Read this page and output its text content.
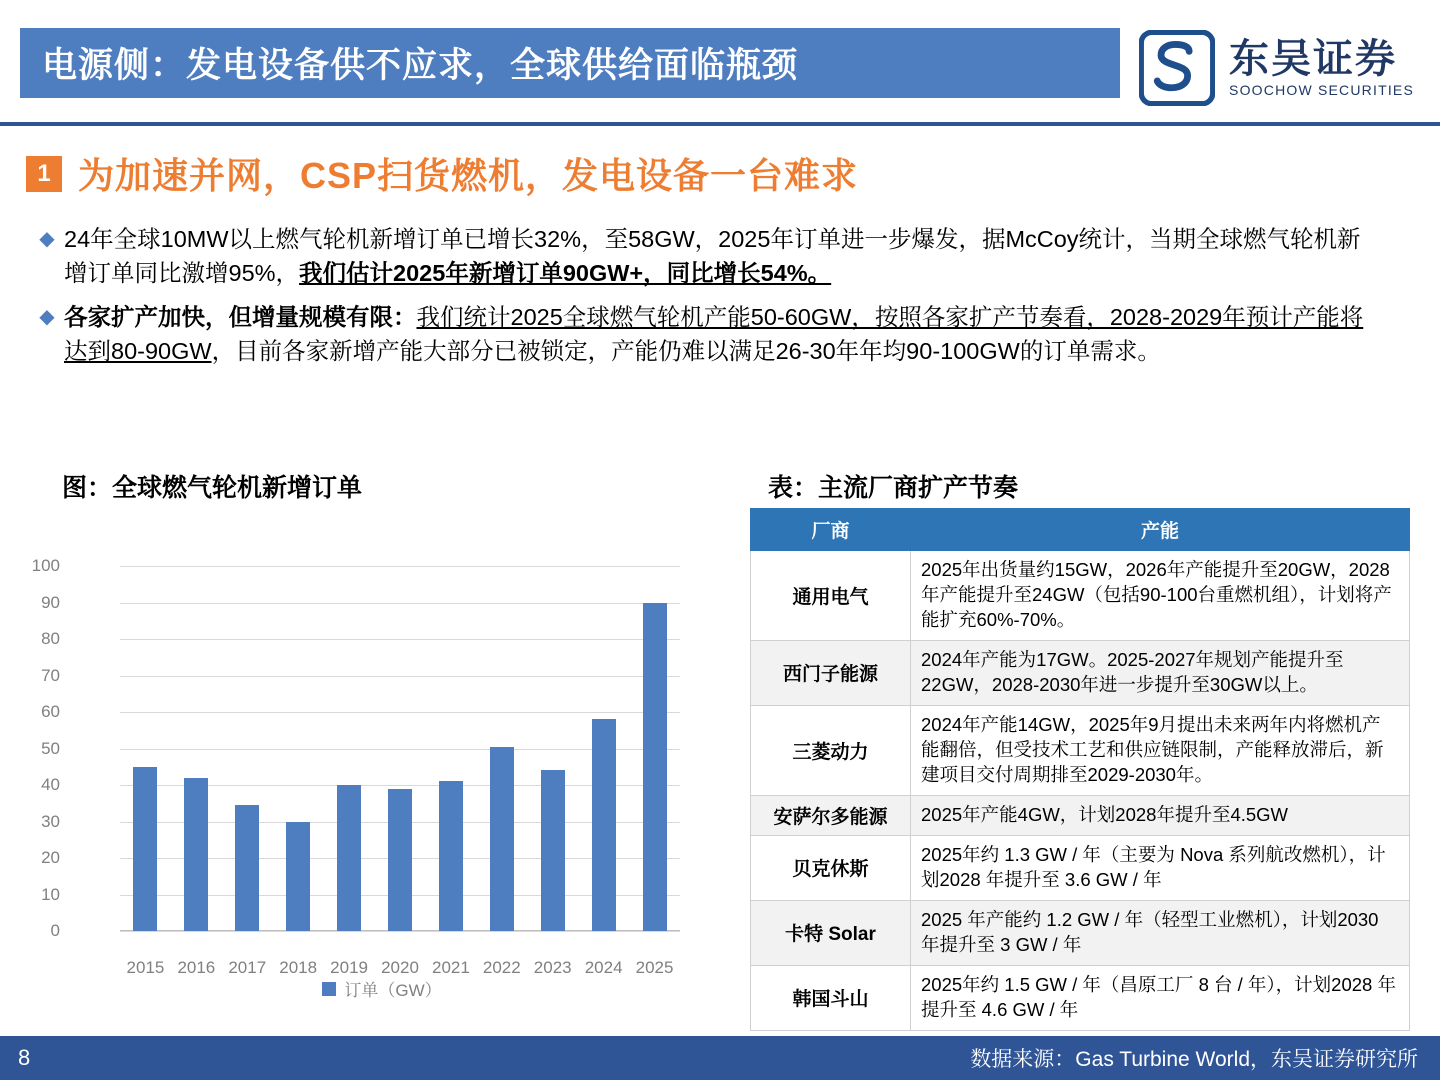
电源侧：发电设备供不应求，全球供给面临瓶颈	东吴证券
SOOCHOW SECURITIES
1 为加速并网，CSP扫货燃机，发电设备一台难求
◆ 24年全球10MW以上燃气轮机新增订单已增长32%，至58GW，2025年订单进一步爆发，据McCoy统计，当期全球燃气轮机新增订单同比激增95%，我们估计2025年新增订单90GW+，同比增长54%。
◆ 各家扩产加快，但增量规模有限：我们统计2025全球燃气轮机产能50-60GW，按照各家扩产节奏看，2028-2029年预计产能将达到80-90GW，目前各家新增产能大部分已被锁定，产能仍难以满足26-30年年均90-100GW的订单需求。
图：全球燃气轮机新增订单
0
10
20
30
40
50
60
70
80
90
100
2015 2016 2017 2018 2019 2020 2021 2022 2023 2024 2025
订单（GW）
表：主流厂商扩产节奏
厂商	产能
通用电气	2025年出货量约15GW，2026年产能提升至20GW，2028年产能提升至24GW（包括90-100台重燃机组），计划将产能扩充60%-70%。
西门子能源	2024年产能为17GW。2025-2027年规划产能提升至22GW，2028-2030年进一步提升至30GW以上。
三菱动力	2024年产能14GW，2025年9月提出未来两年内将燃机产能翻倍，但受技术工艺和供应链限制，产能释放滞后，新建项目交付周期排至2029-2030年。
安萨尔多能源	2025年产能4GW，计划2028年提升至4.5GW
贝克休斯	2025年约 1.3 GW / 年（主要为 Nova 系列航改燃机），计划2028 年提升至 3.6 GW / 年
卡特 Solar	2025 年产能约 1.2 GW / 年（轻型工业燃机），计划2030 年提升至 3 GW / 年
韩国斗山	2025年约 1.5 GW / 年（昌原工厂 8 台 / 年），计划2028 年提升至 4.6 GW / 年
8	数据来源：Gas Turbine World，东吴证券研究所
